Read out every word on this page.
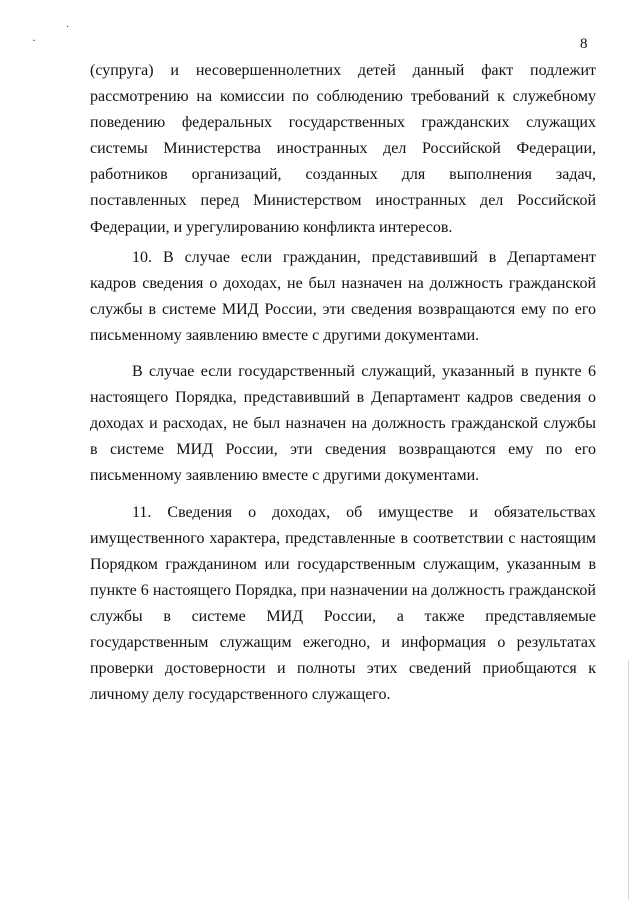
·
·
8

(супруга) и несовершеннолетних детей данный факт подлежит рассмотрению на комиссии по соблюдению требований к служебному поведению федеральных государственных гражданских служащих системы Министерства иностранных дел Российской Федерации, работников организаций, созданных для выполнения задач, поставленных перед Министерством иностранных дел Российской Федерации, и урегулированию конфликта интересов.

10. В случае если гражданин, представивший в Департамент кадров сведения о доходах, не был назначен на должность гражданской службы в системе МИД России, эти сведения возвращаются ему по его письменному заявлению вместе с другими документами.

В случае если государственный служащий, указанный в пункте 6 настоящего Порядка, представивший в Департамент кадров сведения о доходах и расходах, не был назначен на должность гражданской службы в системе МИД России, эти сведения возвращаются ему по его письменному заявлению вместе с другими документами.

11. Сведения о доходах, об имуществе и обязательствах имущественного характера, представленные в соответствии с настоящим Порядком гражданином или государственным служащим, указанным в пункте 6 настоящего Порядка, при назначении на должность гражданской службы в системе МИД России, а также представляемые государственным служащим ежегодно, и информация о результатах проверки достоверности и полноты этих сведений приобщаются к личному делу государственного служащего.
